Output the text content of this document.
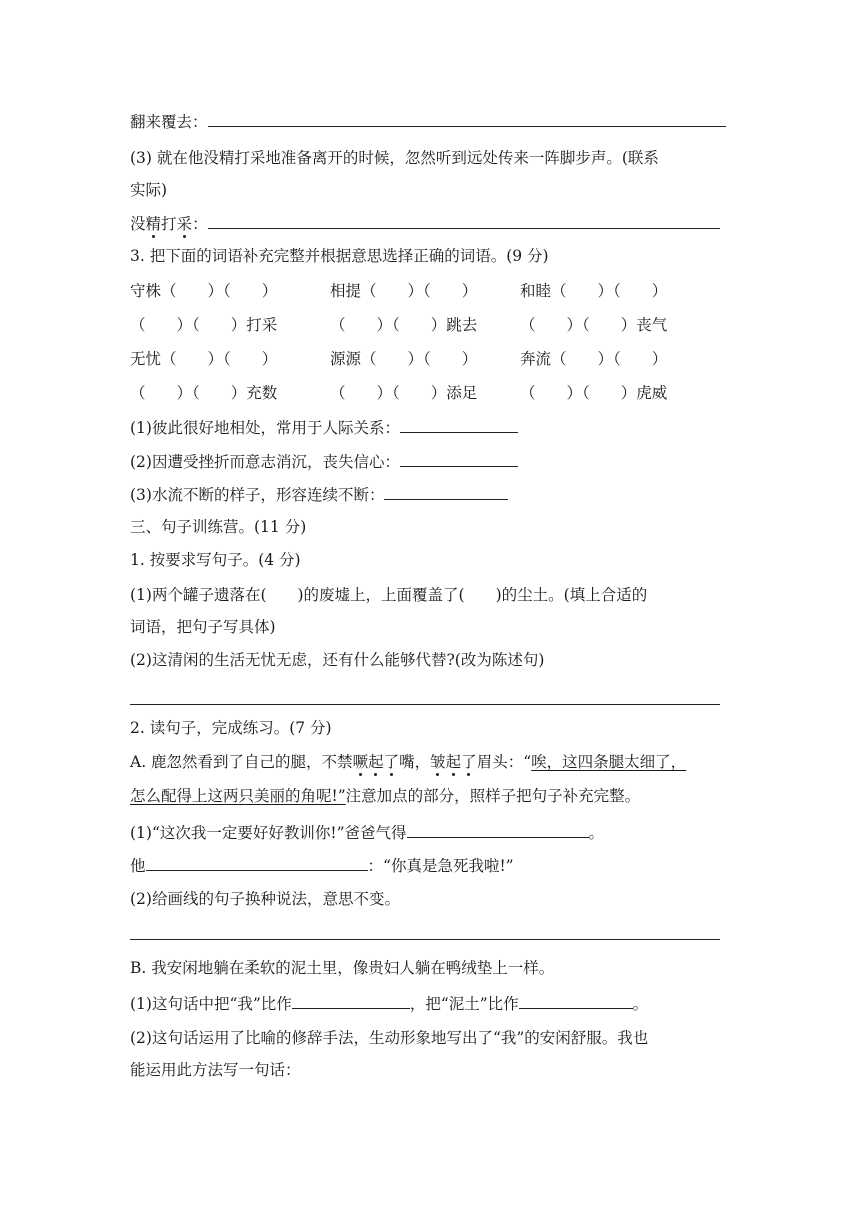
翻来覆去：
(3) 就在他没精打采地准备离开的时候，忽然听到远处传来一阵脚步声。(联系
实际)
没精打采：
3. 把下面的词语补充完整并根据意思选择正确的词语。(9 分)
守株（　　）（　　）	相提（　　）（　　）	和睦（　　）（　　）
（　　）（　　）打采	（　　）（　　）跳去	（　　）（　　）丧气
无忧（　　）（　　）	源源（　　）（　　）	奔流（　　）（　　）
（　　）（　　）充数	（　　）（　　）添足	（　　）（　　）虎威
(1)彼此很好地相处，常用于人际关系：
(2)因遭受挫折而意志消沉，丧失信心：
(3)水流不断的样子，形容连续不断：
三、句子训练营。(11 分)
1. 按要求写句子。(4 分)
(1)两个罐子遗落在(　　)的废墟上，上面覆盖了(　　)的尘土。(填上合适的
词语，把句子写具体)
(2)这清闲的生活无忧无虑，还有什么能够代替?(改为陈述句)
2. 读句子，完成练习。(7 分)
A. 鹿忽然看到了自己的腿，不禁噘起了嘴，皱起了眉头：“唉，这四条腿太细了，
怎么配得上这两只美丽的角呢!”注意加点的部分，照样子把句子补充完整。
(1)“这次我一定要好好教训你!”爸爸气得	。
他	：“你真是急死我啦!”
(2)给画线的句子换种说法，意思不变。
B. 我安闲地躺在柔软的泥土里，像贵妇人躺在鸭绒垫上一样。
(1)这句话中把“我”比作	，把“泥土”比作	。
(2)这句话运用了比喻的修辞手法，生动形象地写出了“我”的安闲舒服。我也
能运用此方法写一句话：
